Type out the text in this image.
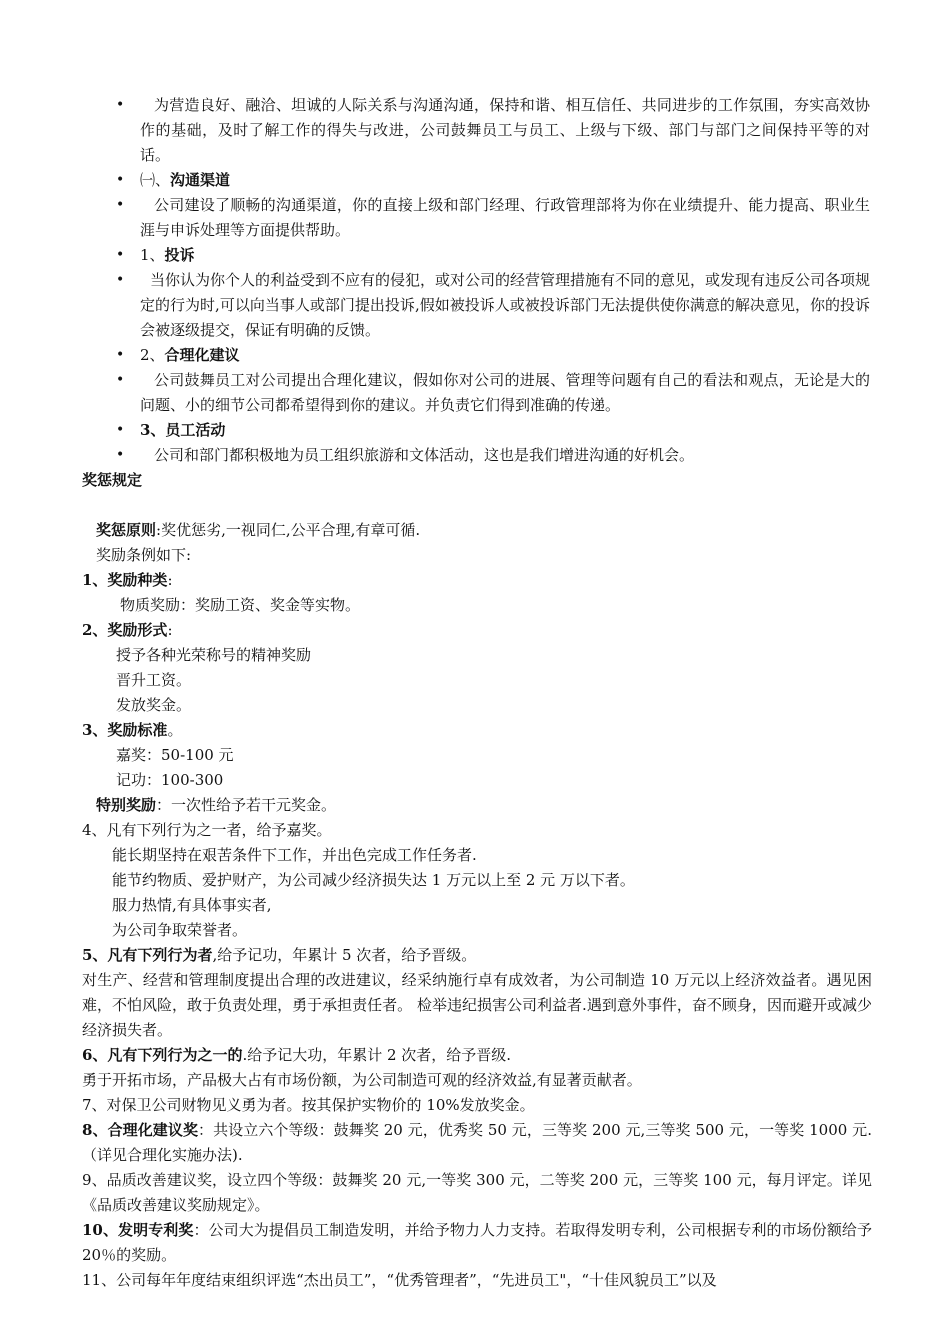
•	为营造良好、融洽、坦诚的人际关系与沟通沟通，保持和谐、相互信任、共同进步的工作氛围，夯实高效协作的基础，及时了解工作的得失与改进，公司鼓舞员工与员工、上级与下级、部门与部门之间保持平等的对话。
• ㈠、沟通渠道
•	公司建设了顺畅的沟通渠道，你的直接上级和部门经理、行政管理部将为你在业绩提升、能力提高、职业生涯与申诉处理等方面提供帮助。
• 1、投诉
•	当你认为你个人的利益受到不应有的侵犯，或对公司的经营管理措施有不同的意见，或发现有违反公司各项规定的行为时,可以向当事人或部门提出投诉,假如被投诉人或被投诉部门无法提供使你满意的解决意见，你的投诉会被逐级提交，保证有明确的反馈。
• 2、合理化建议
•	公司鼓舞员工对公司提出合理化建议，假如你对公司的进展、管理等问题有自己的看法和观点，无论是大的问题、小的细节公司都希望得到你的建议。并负责它们得到准确的传递。
• 3、员工活动
•	公司和部门都积极地为员工组织旅游和文体活动，这也是我们增进沟通的好机会。
奖惩规定
奖惩原则:奖优惩劣,一视同仁,公平合理,有章可循.
奖励条例如下:
1、奖励种类:
物质奖励：奖励工资、奖金等实物。
2、奖励形式:
授予各种光荣称号的精神奖励
晋升工资。
发放奖金。
3、奖励标准。
嘉奖：50-100 元
记功：100-300
特别奖励：一次性给予若干元奖金。
4、凡有下列行为之一者，给予嘉奖。
能长期坚持在艰苦条件下工作，并出色完成工作任务者.
能节约物质、爱护财产，为公司减少经济损失达 1 万元以上至 2 元 万以下者。
服力热情,有具体事实者,
为公司争取荣誉者。
5、凡有下列行为者,给予记功，年累计 5 次者，给予晋级。
对生产、经营和管理制度提出合理的改进建议，经采纳施行卓有成效者，为公司制造 10 万元以上经济效益者。遇见困难，不怕风险，敢于负责处理，勇于承担责任者。 检举违纪损害公司利益者.遇到意外事件，奋不顾身，因而避开或减少经济损失者。
6、凡有下列行为之一的.给予记大功，年累计 2 次者，给予晋级.
勇于开拓市场，产品极大占有市场份额，为公司制造可观的经济效益,有显著贡献者。
7、对保卫公司财物见义勇为者。按其保护实物价的 10%发放奖金。
8、合理化建议奖：共设立六个等级：鼓舞奖 20 元，优秀奖 50 元，三等奖 200 元,三等奖 500 元，一等奖 1000 元.（详见合理化实施办法).
9、品质改善建议奖，设立四个等级：鼓舞奖 20 元,一等奖 300 元，二等奖 200 元，三等奖 100 元，每月评定。详见《品质改善建议奖励规定》。
10、发明专利奖：公司大为提倡员工制造发明，并给予物力人力支持。若取得发明专利，公司根据专利的市场份额给予 20％的奖励。
11、公司每年年度结束组织评选“杰出员工”，“优秀管理者”，“先进员工"，“十佳风貌员工”以及
